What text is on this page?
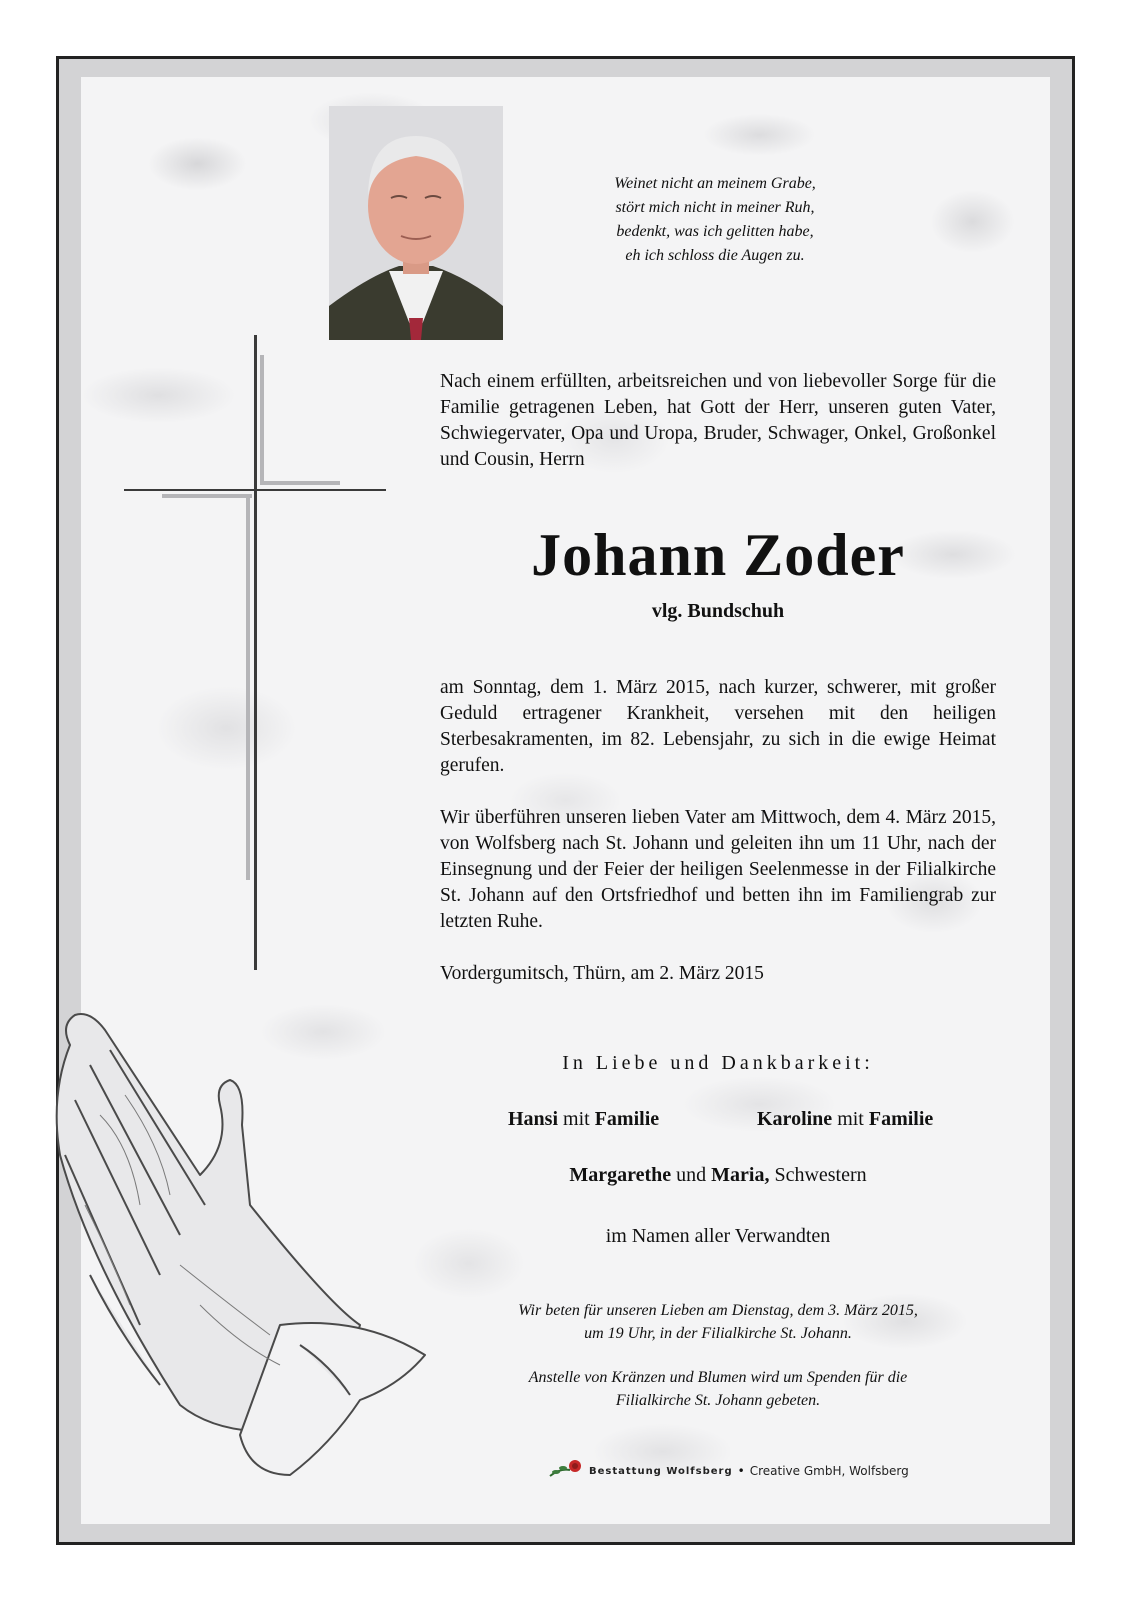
Weinet nicht an meinem Grabe,
stört mich nicht in meiner Ruh,
bedenkt, was ich gelitten habe,
eh ich schloss die Augen zu.

Nach einem erfüllten, arbeitsreichen und von liebevoller Sorge für die Familie getragenen Leben, hat Gott der Herr, unseren guten Vater, Schwiegervater, Opa und Uropa, Bruder, Schwager, Onkel, Großonkel und Cousin, Herrn

Johann Zoder
vlg. Bundschuh

am Sonntag, dem 1. März 2015, nach kurzer, schwerer, mit großer Geduld ertragener Krankheit, versehen mit den heiligen Sterbesakramenten, im 82. Lebensjahr, zu sich in die ewige Heimat gerufen.

Wir überführen unseren lieben Vater am Mittwoch, dem 4. März 2015, von Wolfsberg nach St. Johann und geleiten ihn um 11 Uhr, nach der Einsegnung und der Feier der heiligen Seelenmesse in der Filialkirche St. Johann auf den Ortsfriedhof und betten ihn im Familiengrab zur letzten Ruhe.

Vordergumitsch, Thürn, am 2. März 2015

In Liebe und Dankbarkeit:

Hansi mit Familie	Karoline mit Familie

Margarethe und Maria, Schwestern

im Namen aller Verwandten

Wir beten für unseren Lieben am Dienstag, dem 3. März 2015,
um 19 Uhr, in der Filialkirche St. Johann.
Anstelle von Kränzen und Blumen wird um Spenden für die
Filialkirche St. Johann gebeten.
Bestattung Wolfsberg • Creative GmbH, Wolfsberg
